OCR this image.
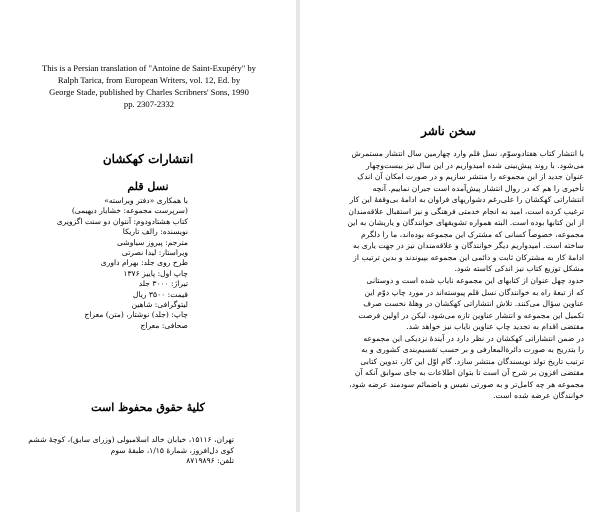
This is a Persian translation of "Antoine de Saint-Exupéry" by
Ralph Tarica, from European Writers, vol. 12, Ed. by
George Stade, published by Charles Scribners' Sons, 1990
pp. 2307-2332
انتشارات کهکشان
نسل قلم
با همکاری «دفتر ویراسته»
(سرپرست مجموعه: خشایار دیهیمی)
کتاب هشتادودوم: آنتوان دو سنت اگزوپری
نویسنده: رالف تاریکا
مترجم: پیروز سیاوشی
ویراستار: لیدا نصرتی
طرح روی جلد: بهرام داوری
چاپ اول: پاییز ۱۳۷۶
تیراژ: ۳۰۰۰ جلد
قیمت: ۳۵۰۰ ریال
لیتوگرافی: شاهین
چاپ: (جلد) نوشتار، (متن) معراج
صحافی: معراج
کلیهٔ حقوق محفوظ است
تهران، ۱۵۱۱۶، خیابان خالد اسلامبولی (وزرای سابق)، کوچهٔ ششم
کوی دل‌افروز، شمارهٔ ۱/۱۵، طبقهٔ سوم
تلفن: ۸۷۱۹۸۹۶
سخن ناشر
با انتشار کتاب هفتادوسوّم، نسل قلم وارد چهارمین سال انتشار مستمرش
می‌شود. با روند پیش‌بینی شده امیدواریم در این سال نیز بیست‌وچهار
عنوان جدید از این مجموعه را منتشر سازیم و در صورت امکان آن اندک
تأخیری را هم که در روال انتشار پیش‌آمده است جبران نماییم. آنچه
انتشاراتی کهکشان را علی‌رغم دشواریهای فراوان به ادامهٔ بی‌وقفهٔ این کار
ترغیب کرده است، امید به انجام خدمتی فرهنگی و نیز استقبال علاقه‌مندان
از این کتابها بوده است. البته همواره تشویقهای خوانندگان و یاریشان به این
مجموعه، خصوصاً کسانی که مشترک این مجموعه بوده‌اند، ما را دلگرم
ساخته است. امیدواریم دیگر خوانندگان و علاقه‌مندان نیز در جهت یاری به
ادامهٔ کار به مشترکان ثابت و دائمی این مجموعه بپیوندند و بدین ترتیب از
مشکل توزیع کتاب نیز اندکی کاسته شود.
حدود چهل عنوان از کتابهای این مجموعه نایاب شده است و دوستانی
که از تبعهٔ راه به خوانندگان نسل قلم پیوسته‌اند در مورد چاپ دوّم این
عناوین سؤال می‌کنند. تلاش انتشاراتی کهکشان در وهلهٔ نخست صرف
تکمیل این مجموعه و انتشار عناوین تازه می‌شود، لیکن در اولین فرصت
مقتضی اقدام به تجدید چاپ عناوین نایاب نیز خواهد شد.
در ضمن انتشاراتی کهکشان در نظر دارد در آیندهٔ نزدیکی این مجموعه
را بتدریج به صورت دائرةالمعارفی و بر حسب تقسیم‌بندی کشوری و به
ترتیب تاریخ تولد نویسندگان منتشر سازد. گام اوّل این کار، تدوین کتابی
مقتضی افزون بر شرح آن است تا بتوان اطلاعات به‌ جای سوابق آنکه آن
مجموعه هر چه کامل‌تر و به صورتی نفیس و باضمائم سودمند عرضه شود،
خوانندگان عرضه شده است.
